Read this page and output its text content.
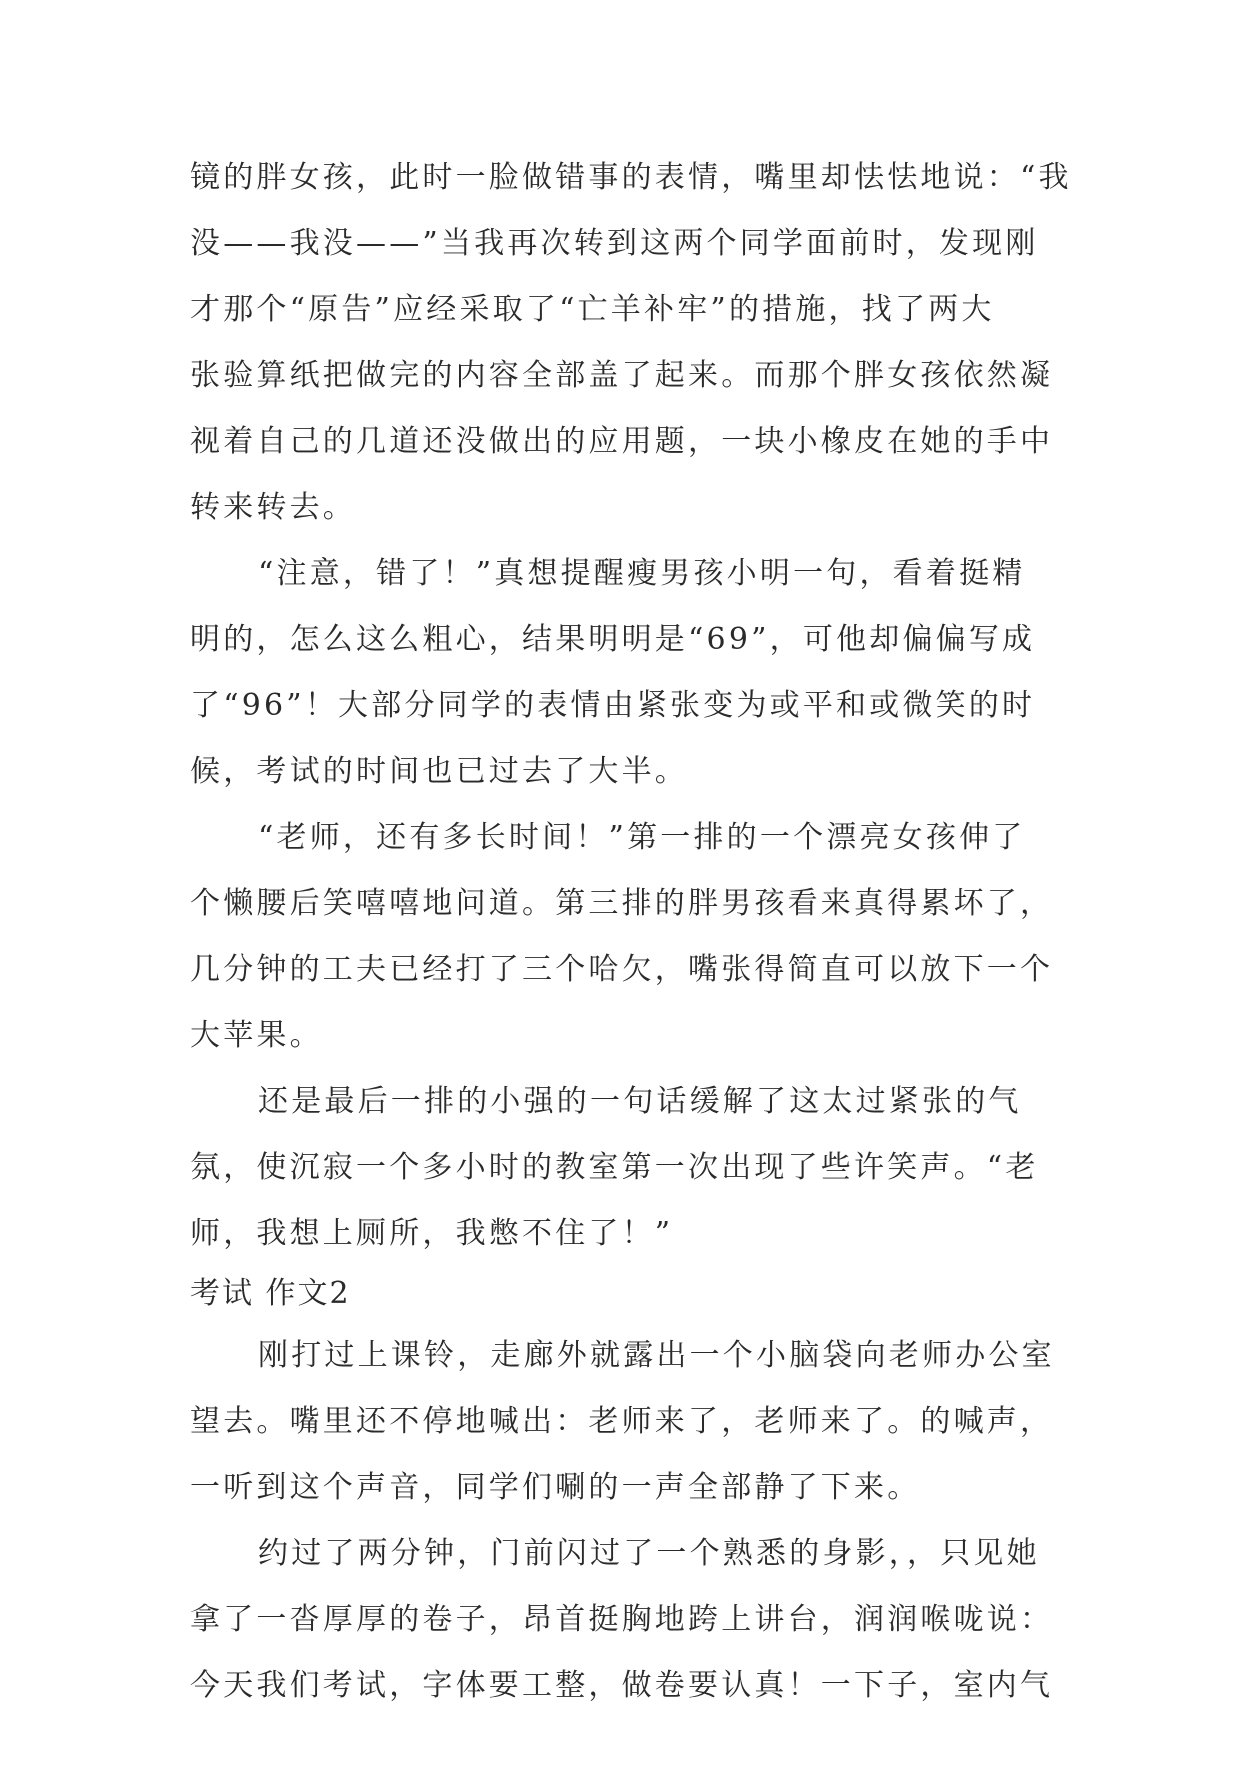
镜的胖女孩，此时一脸做错事的表情，嘴里却怯怯地说：“我

没——我没——”当我再次转到这两个同学面前时，发现刚

才那个“原告”应经采取了“亡羊补牢”的措施，找了两大

张验算纸把做完的内容全部盖了起来。而那个胖女孩依然凝

视着自己的几道还没做出的应用题，一块小橡皮在她的手中

转来转去。

“注意，错了！”真想提醒瘦男孩小明一句，看着挺精

明的，怎么这么粗心，结果明明是“69”，可他却偏偏写成

了“96”！大部分同学的表情由紧张变为或平和或微笑的时

候，考试的时间也已过去了大半。

“老师，还有多长时间！”第一排的一个漂亮女孩伸了

个懒腰后笑嘻嘻地问道。第三排的胖男孩看来真得累坏了，

几分钟的工夫已经打了三个哈欠，嘴张得简直可以放下一个

大苹果。

还是最后一排的小强的一句话缓解了这太过紧张的气

氛，使沉寂一个多小时的教室第一次出现了些许笑声。“老

师，我想上厕所，我憋不住了！”

考试 作文2

刚打过上课铃，走廊外就露出一个小脑袋向老师办公室

望去。嘴里还不停地喊出：老师来了，老师来了。的喊声，

一听到这个声音，同学们唰的一声全部静了下来。

约过了两分钟，门前闪过了一个熟悉的身影，，只见她

拿了一沓厚厚的卷子，昂首挺胸地跨上讲台，润润喉咙说：

今天我们考试，字体要工整，做卷要认真！一下子，室内气
